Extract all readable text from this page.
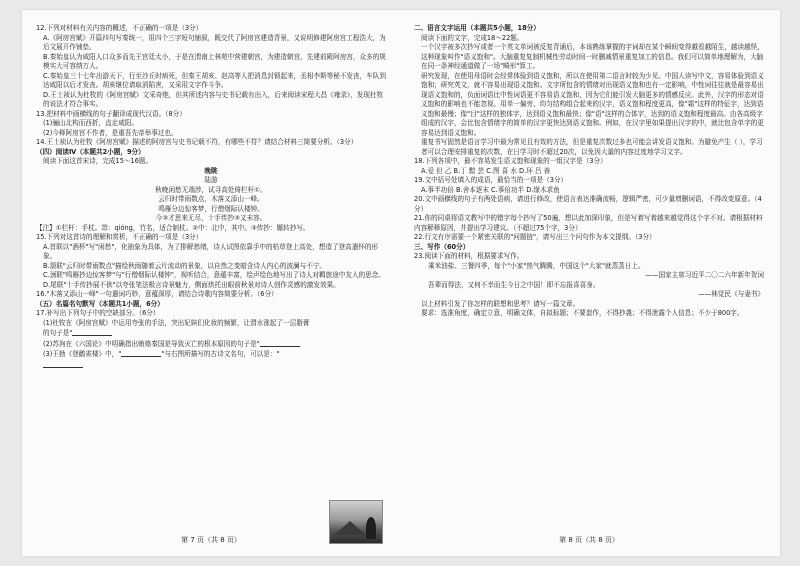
12.下列对材料有关内容的概述，不正确的一项是（3分）

A.《阿房宫赋》开篇四句写秦统一，用四个三字短句铺叙，既交代了阿房宫建造背景，又说明修建阿房宫工程浩大，为后文展开作铺垫。

B.秦始皇认为咸阳人口众多而先王宫廷太小，于是在渭南上林苑中营建朝宫，为建造朝宫，先建前殿阿房宫，众多的规模实大可容纳万人。

C.秦始皇三十七年出游天下，行至沙丘时病死，但秦王胡亥、赵高等人把消息封锁起来，丞相李斯等秘不发丧，车队到达咸阳以后才发丧。胡亥继位请取消陷害，又采用文字作斗争。

D.王士祯认为杜牧的《阿房宫赋》文采奇绝，但其所述内容与史书记载有出入，后来阅读宋程大昌《雍录》，发现杜牧的说法才符合事实。

13.把材料中画横线的句子翻译成现代汉语。（8分）

(1)骊山北构而西折，直走咸阳。

(2)今释阿房宫不作者，是重吾先帝举事过也。

14.王士祯认为杜牧《阿房宫赋》描述的阿房宫与史书记载不符，有哪些不符？请结合材料三简要分析。（3分）

（四）阅读Ⅳ（本题共2小题，9分）

阅读下面这首宋诗，完成15～16题。

晚眺

陆游

秋晚闲愁无端涉，试寻高处倚栏杆①。

云归时带雨数点，木落又添山一峰。

鸣雁分边惊客梦，行僧烟际认楼钟。

今③才思来无尽，十手传抄③又未容。

【注】①栏杆：手杖。笻：qióng，竹名，适合制杖。②中：北中，其中。③传抄：辗转抄写。

15.下列对这首诗的理解和赏析，不正确的一项是（3分）

A.首联以"酒杯"写"闲愁"，化抽象为具体，为了排解愁绪，诗人试图依靠手中的枯草登上高处，想造了登高遣怀的形象。

B.颔联"云归时带雨数点"描绘秋雨随着云片流动的景象，以自然之变暗含诗人内心的波澜与不宁。

C.颈联"鸣雁抄边惊客梦"与"行僧烟际认楼钟"，视听结合，意蕴丰富，绘声绘色地写出了诗人对羁旅途中友人的思念。

D.尾联"十手传抄展不供"以夸张笔法极言诗景魅力，侧面烘托出眼前秋景对诗人创作灵感的激发效果。

16."木落又添山一峰"一句遣词巧妙，意蕴深厚，请结合诗歌内容简要分析。（6分）

（五）名篇名句默写（本题共1小题，6分）

17.补写出下列句子中的空缺部分。（6分）

(1)杜牧在《阿房宫赋》中运用夸张的手法，突出妃嫔们化妆的频繁，让渭水涨起了一层脂膏的句子是"

(2)苏洵在《六国论》中明确指出贿赂秦国是导致灭亡的根本原因的句子是"

(3)王勃《登鹳雀楼》中，"	"与右图所描写的古诗文名句，可以是："

第 7 页（共 8 页）

二、语言文字运用（本题共5小题，18分）

阅读下面的文字，完成18～22题。

一个汉字被多次抄写或者一个英文单词被反复背诵后，本该熟练掌握的字词却在某个瞬间变得越看越陌生，越读越怪，这种现象叫作"语义饱和"。大脑重复复制机械性劳动时间一时删减情景重复加工的信息。我们可以简单地理解为，大脑在同一条神经通道做了一场"畸形"算工。

研究发现，在使用母语时会经常体验到语义饱和，所以在使用第二语言时较为少见。中国人读写中文，容易体验到语义饱和；研究英文，就不容易出现语义饱和。文字所包含的情绪对出现语义饱和也有一定影响，中性词往往就是最容易出现语义饱和的，负面词语比中性词语更不容易语义饱和，因为它们能引发大脑更多的情感反应。此外，汉字的形态对语义饱和的影响也不能忽视。用单一偏旁、均匀结构组合起来的汉字，语义饱和程度更高，像"霜"这样的特征字，达到语义饱和最慢；像"目"这样的独体字，达到语义饱和最快；像"语"这样的合体字，达到的语义饱和程度最高。由各高级字组成的汉字，会比包含情绪字的简单的汉字更快达到语义饱和。例如，在汉字里如果提出汉字的中，就比包含单字的更容易达到语义饱和。

重复书写固然是语言学习中最为常见且有效的方法，但是重复次数过多也可能会讲发语义饱和。为避免产生（ ），学习者可以合理安排重复的次数，在日学习时不超过20次，以免因大量的内容过度地学习文字。

18.下列各项中，最不容易发生语义饱和现象的一组汉字是（3分）

A.爱 但 乙 B.丁 黯 芸 C.图 喜 水 D.环 吕 善

19.文中括号处填入的成语，最恰当的一项是（3分）

A.事半功倍 B.舍本逐末 C.事倍功半 D.缘木求鱼

20.文中画横线的句子有两处语病，请进行修改，使语言表达准确流畅，逻辑严密，可少量增删词语，不得改变原意。（4分）

21.你的同桌将语文教写中的错字每个抄写了50遍，想以此加深印象，但是写着写着越来越觉得这个字不对。请根据材料内容解释原因，并提出学习建议。（不超过75个字，3分）

22.行文有序需要一个紧密关联的"问题链"，请写出三个问句作为本文提纲。（3分）

三、写作（60分）

23.阅读下面的材料，根据要求写作。

乘米油盐、三餐四季，每个"小家"热气腾腾，中国这个"大家"就蒸蒸日上。

——国家主席习近平二〇二六年新年贺词

吾辈而得法，又何不幸而生今日之中国！即不忘报喜喜身。

——林觉民《与妻书》

以上材料引发了你怎样的联想和思考？请写一篇文章。

要求：选准角度，确定立意，明确文体，自拟标题；不要套作，不得抄袭；不得泄露个人信息；不少于800字。

第 8 页（共 8 页）
